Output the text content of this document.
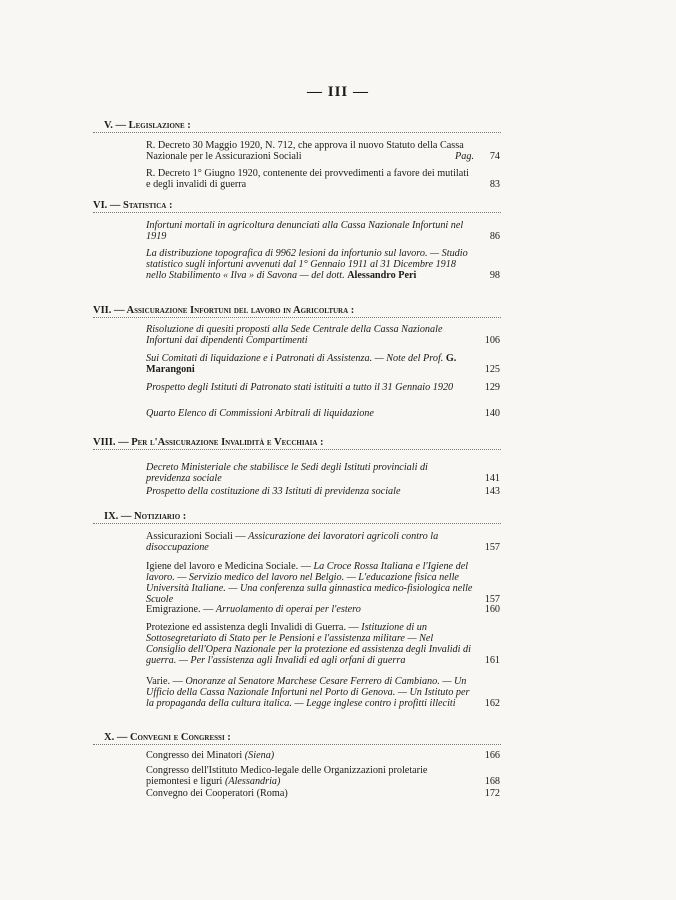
— III —
V. — Legislazione :
R. Decreto 30 Maggio 1920, N. 712, che approva il nuovo Statuto della Cassa Nazionale per le Assicurazioni Sociali	Pag. 74
R. Decreto 1° Giugno 1920, contenente dei provvedimenti a favore dei mutilati e degli invalidi di guerra	83
VI. — Statistica :
Infortuni mortali in agricoltura denunciati alla Cassa Nazionale Infortuni nel 1919	86
La distribuzione topografica di 9962 lesioni da infortunio sul lavoro. — Studio statistico sugli infortuni avvenuti dal 1° Gennaio 1911 al 31 Dicembre 1918 nello Stabilimento « Ilva » di Savona — del dott. Alessandro Peri	98
VII. — Assicurazione Infortuni del lavoro in Agricoltura :
Risoluzione di quesiti proposti alla Sede Centrale della Cassa Nazionale Infortuni dai dipendenti Compartimenti	106
Sui Comitati di liquidazione e i Patronati di Assistenza. — Note del Prof. G. Marangoni	125
Prospetto degli Istituti di Patronato stati istituiti a tutto il 31 Gennaio 1920	129
Quarto Elenco di Commissioni Arbitrali di liquidazione	140
VIII. — Per l'Assicurazione Invalidità e Vecchiaia :
Decreto Ministeriale che stabilisce le Sedi degli Istituti provinciali di previdenza sociale	141
Prospetto della costituzione di 33 Istituti di previdenza sociale	143
IX. — Notiziario :
Assicurazioni Sociali — Assicurazione dei lavoratori agricoli contro la disoccupazione	157
Igiene del lavoro e Medicina Sociale. — La Croce Rossa Italiana e l'Igiene del lavoro. — Servizio medico del lavoro nel Belgio. — L'educazione fisica nelle Università Italiane. — Una conferenza sulla ginnastica medico-fisiologica nelle Scuole	157
Emigrazione. — Arruolamento di operai per l'estero	160
Protezione ed assistenza degli Invalidi di Guerra. — Istituzione di un Sottosegretariato di Stato per le Pensioni e l'assistenza militare — Nel Consiglio dell'Opera Nazionale per la protezione ed assistenza degli Invalidi di guerra. — Per l'assistenza agli Invalidi ed agli orfani di guerra	161
Varie. — Onoranze al Senatore Marchese Cesare Ferrero di Cambiano. — Un Ufficio della Cassa Nazionale Infortuni nel Porto di Genova. — Un Istituto per la propaganda della cultura italica. — Legge inglese contro i profitti illeciti	162
X. — Convegni e Congressi :
Congresso dei Minatori (Siena)	166
Congresso dell'Istituto Medico-legale delle Organizzazioni proletarie piemontesi e liguri (Alessandria)	168
Convegno dei Cooperatori (Roma)	172
